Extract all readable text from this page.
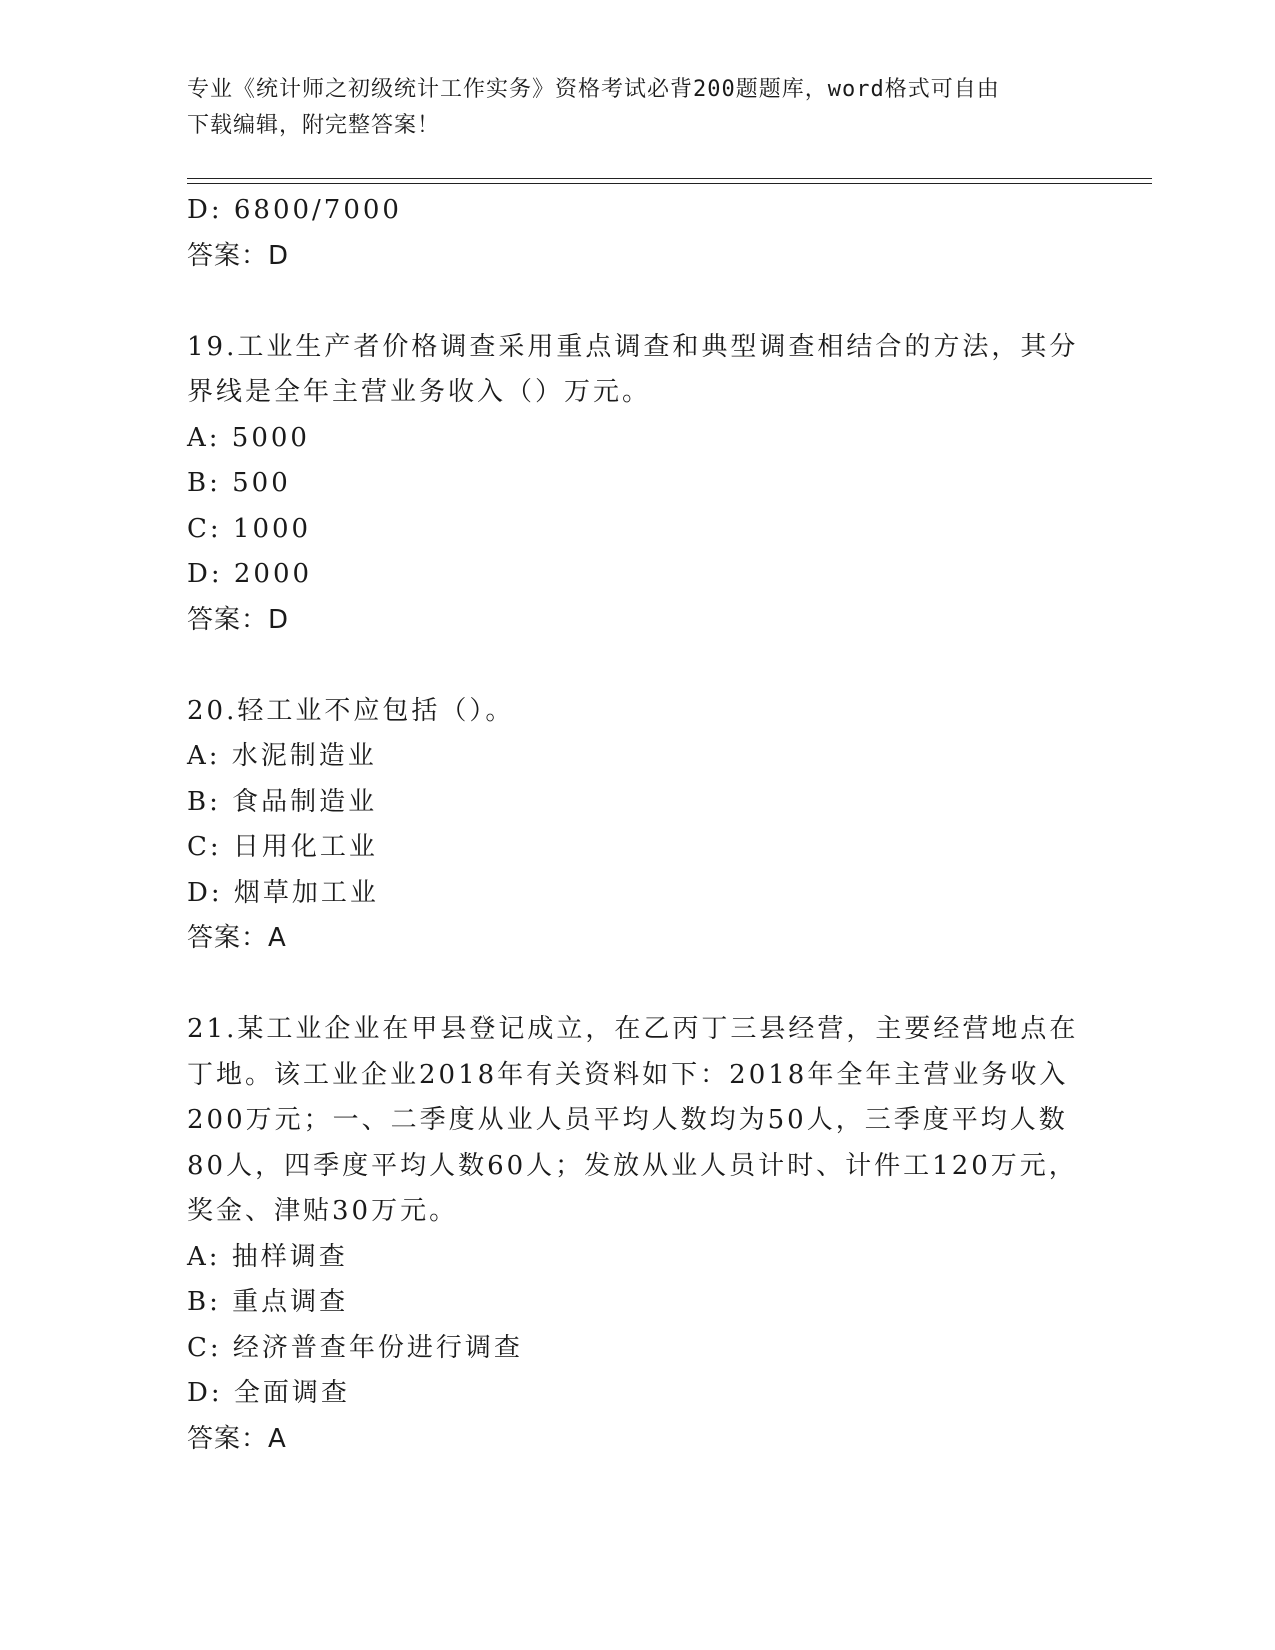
专业《统计师之初级统计工作实务》资格考试必背200题题库，word格式可自由
下载编辑，附完整答案！
D: 6800/7000
答案：D
19.工业生产者价格调查采用重点调查和典型调查相结合的方法，其分
界线是全年主营业务收入（）万元。
A: 5000
B: 500
C: 1000
D: 2000
答案：D
20.轻工业不应包括（）。
A: 水泥制造业
B: 食品制造业
C: 日用化工业
D: 烟草加工业
答案：A
21.某工业企业在甲县登记成立，在乙丙丁三县经营，主要经营地点在
丁地。该工业企业2018年有关资料如下：2018年全年主营业务收入
200万元；一、二季度从业人员平均人数均为50人，三季度平均人数
80人，四季度平均人数60人；发放从业人员计时、计件工120万元，
奖金、津贴30万元。
A: 抽样调查
B: 重点调查
C: 经济普查年份进行调查
D: 全面调查
答案：A
